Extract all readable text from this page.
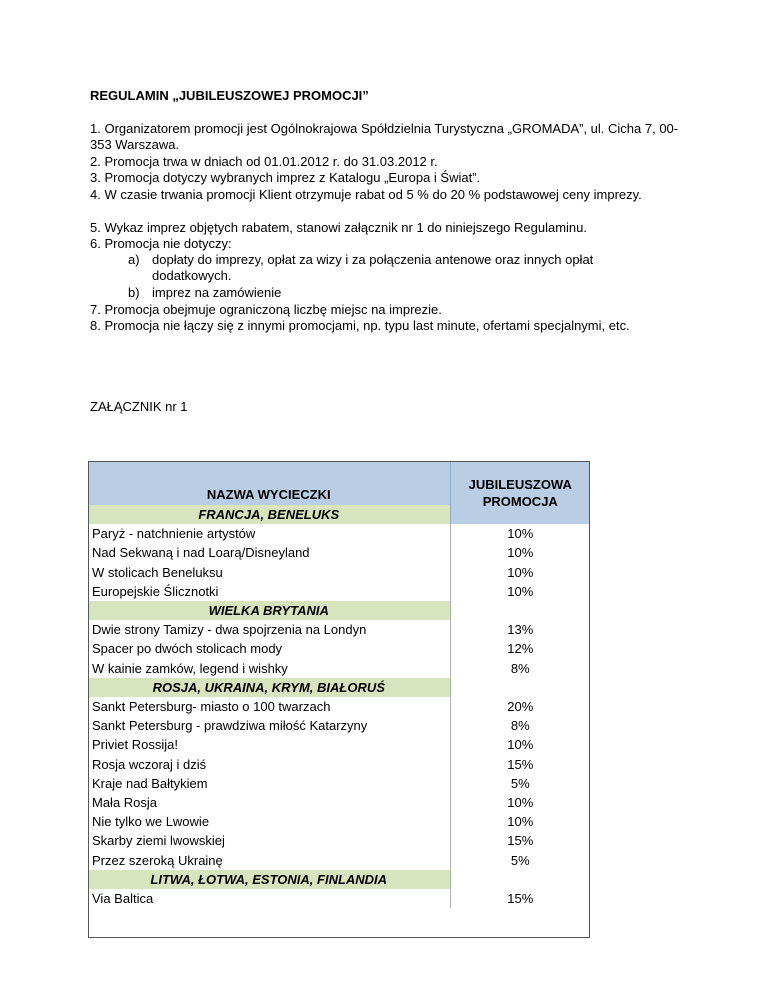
REGULAMIN „JUBILEUSZOWEJ PROMOCJI”

1. Organizatorem promocji jest Ogólnokrajowa Spółdzielnia Turystyczna „GROMADA”, ul. Cicha 7, 00-353 Warszawa.

2. Promocja trwa w dniach od 01.01.2012 r. do 31.03.2012 r.

3. Promocja dotyczy wybranych imprez z Katalogu „Europa i Świat”.

4. W czasie trwania promocji Klient otrzymuje rabat od 5 % do 20 % podstawowej ceny imprezy.

5. Wykaz imprez objętych rabatem, stanowi załącznik nr 1 do niniejszego Regulaminu.

6. Promocja nie dotyczy:

a) dopłaty do imprezy, opłat za wizy i za połączenia antenowe oraz innych opłat dodatkowych.
b) imprez na zamówienie

7. Promocja obejmuje ograniczoną liczbę miejsc na imprezie.

8. Promocja nie łączy się z innymi promocjami, np. typu last minute, ofertami specjalnymi, etc.

ZAŁĄCZNIK nr 1
NAZWA WYCIECZKI	JUBILEUSZOWA
PROMOCJA

FRANCJA, BENELUKS	
Paryż - natchnienie artystów	10%
Nad Sekwaną i nad Loarą/Disneyland	10%
W stolicach Beneluksu	10%
Europejskie Ślicznotki	10%
WIELKA BRYTANIA	
Dwie strony Tamizy - dwa spojrzenia na Londyn	13%
Spacer po dwóch stolicach mody	12%
W kainie zamków, legend i wishky	8%
ROSJA, UKRAINA, KRYM, BIAŁORUŚ	
Sankt Petersburg- miasto o 100 twarzach	20%
Sankt Petersburg - prawdziwa miłość Katarzyny	8%
Priviet Rossija!	10%
Rosja wczoraj i dziś	15%
Kraje nad Bałtykiem	5%
Mała Rosja	10%
Nie tylko we Lwowie	10%
Skarby ziemi lwowskiej	15%
Przez szeroką Ukrainę	5%
LITWA, ŁOTWA, ESTONIA, FINLANDIA	
Via Baltica	15%
